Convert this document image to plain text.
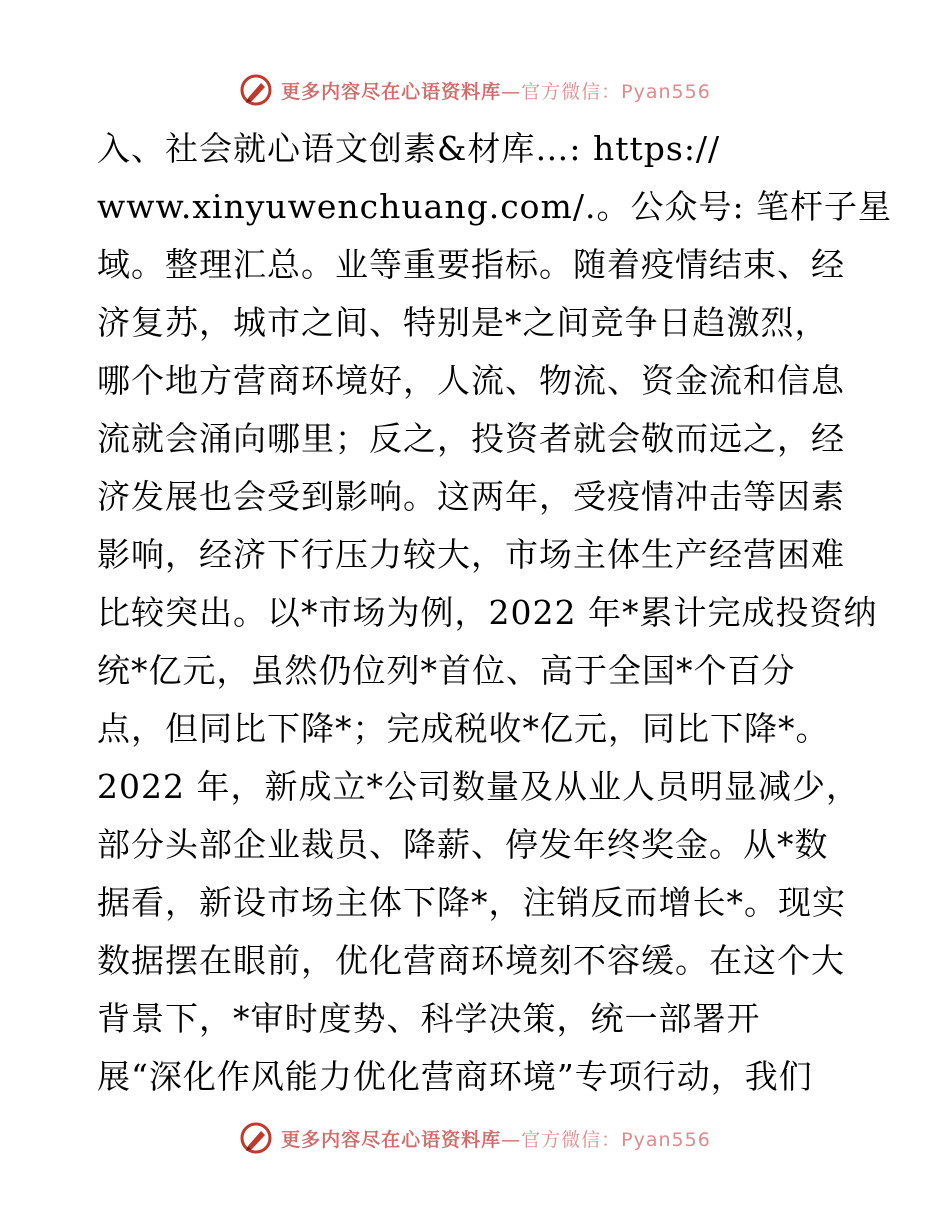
更多内容尽在心语资料库—官方微信：Pyan556
入、社会就心语文创素&材库…: https://
www.xinyuwenchuang.com/.。公众号: 笔杆子星
域。整理汇总。业等重要指标。随着疫情结束、经
济复苏，城市之间、特别是*之间竞争日趋激烈，
哪个地方营商环境好，人流、物流、资金流和信息
流就会涌向哪里；反之，投资者就会敬而远之，经
济发展也会受到影响。这两年，受疫情冲击等因素
影响，经济下行压力较大，市场主体生产经营困难
比较突出。以*市场为例，2022 年*累计完成投资纳
统*亿元，虽然仍位列*首位、高于全国*个百分
点，但同比下降*；完成税收*亿元，同比下降*。
2022 年，新成立*公司数量及从业人员明显减少，
部分头部企业裁员、降薪、停发年终奖金。从*数
据看，新设市场主体下降*，注销反而增长*。现实
数据摆在眼前，优化营商环境刻不容缓。在这个大
背景下，*审时度势、科学决策，统一部署开
展“深化作风能力优化营商环境”专项行动，我们
更多内容尽在心语资料库—官方微信：Pyan556
